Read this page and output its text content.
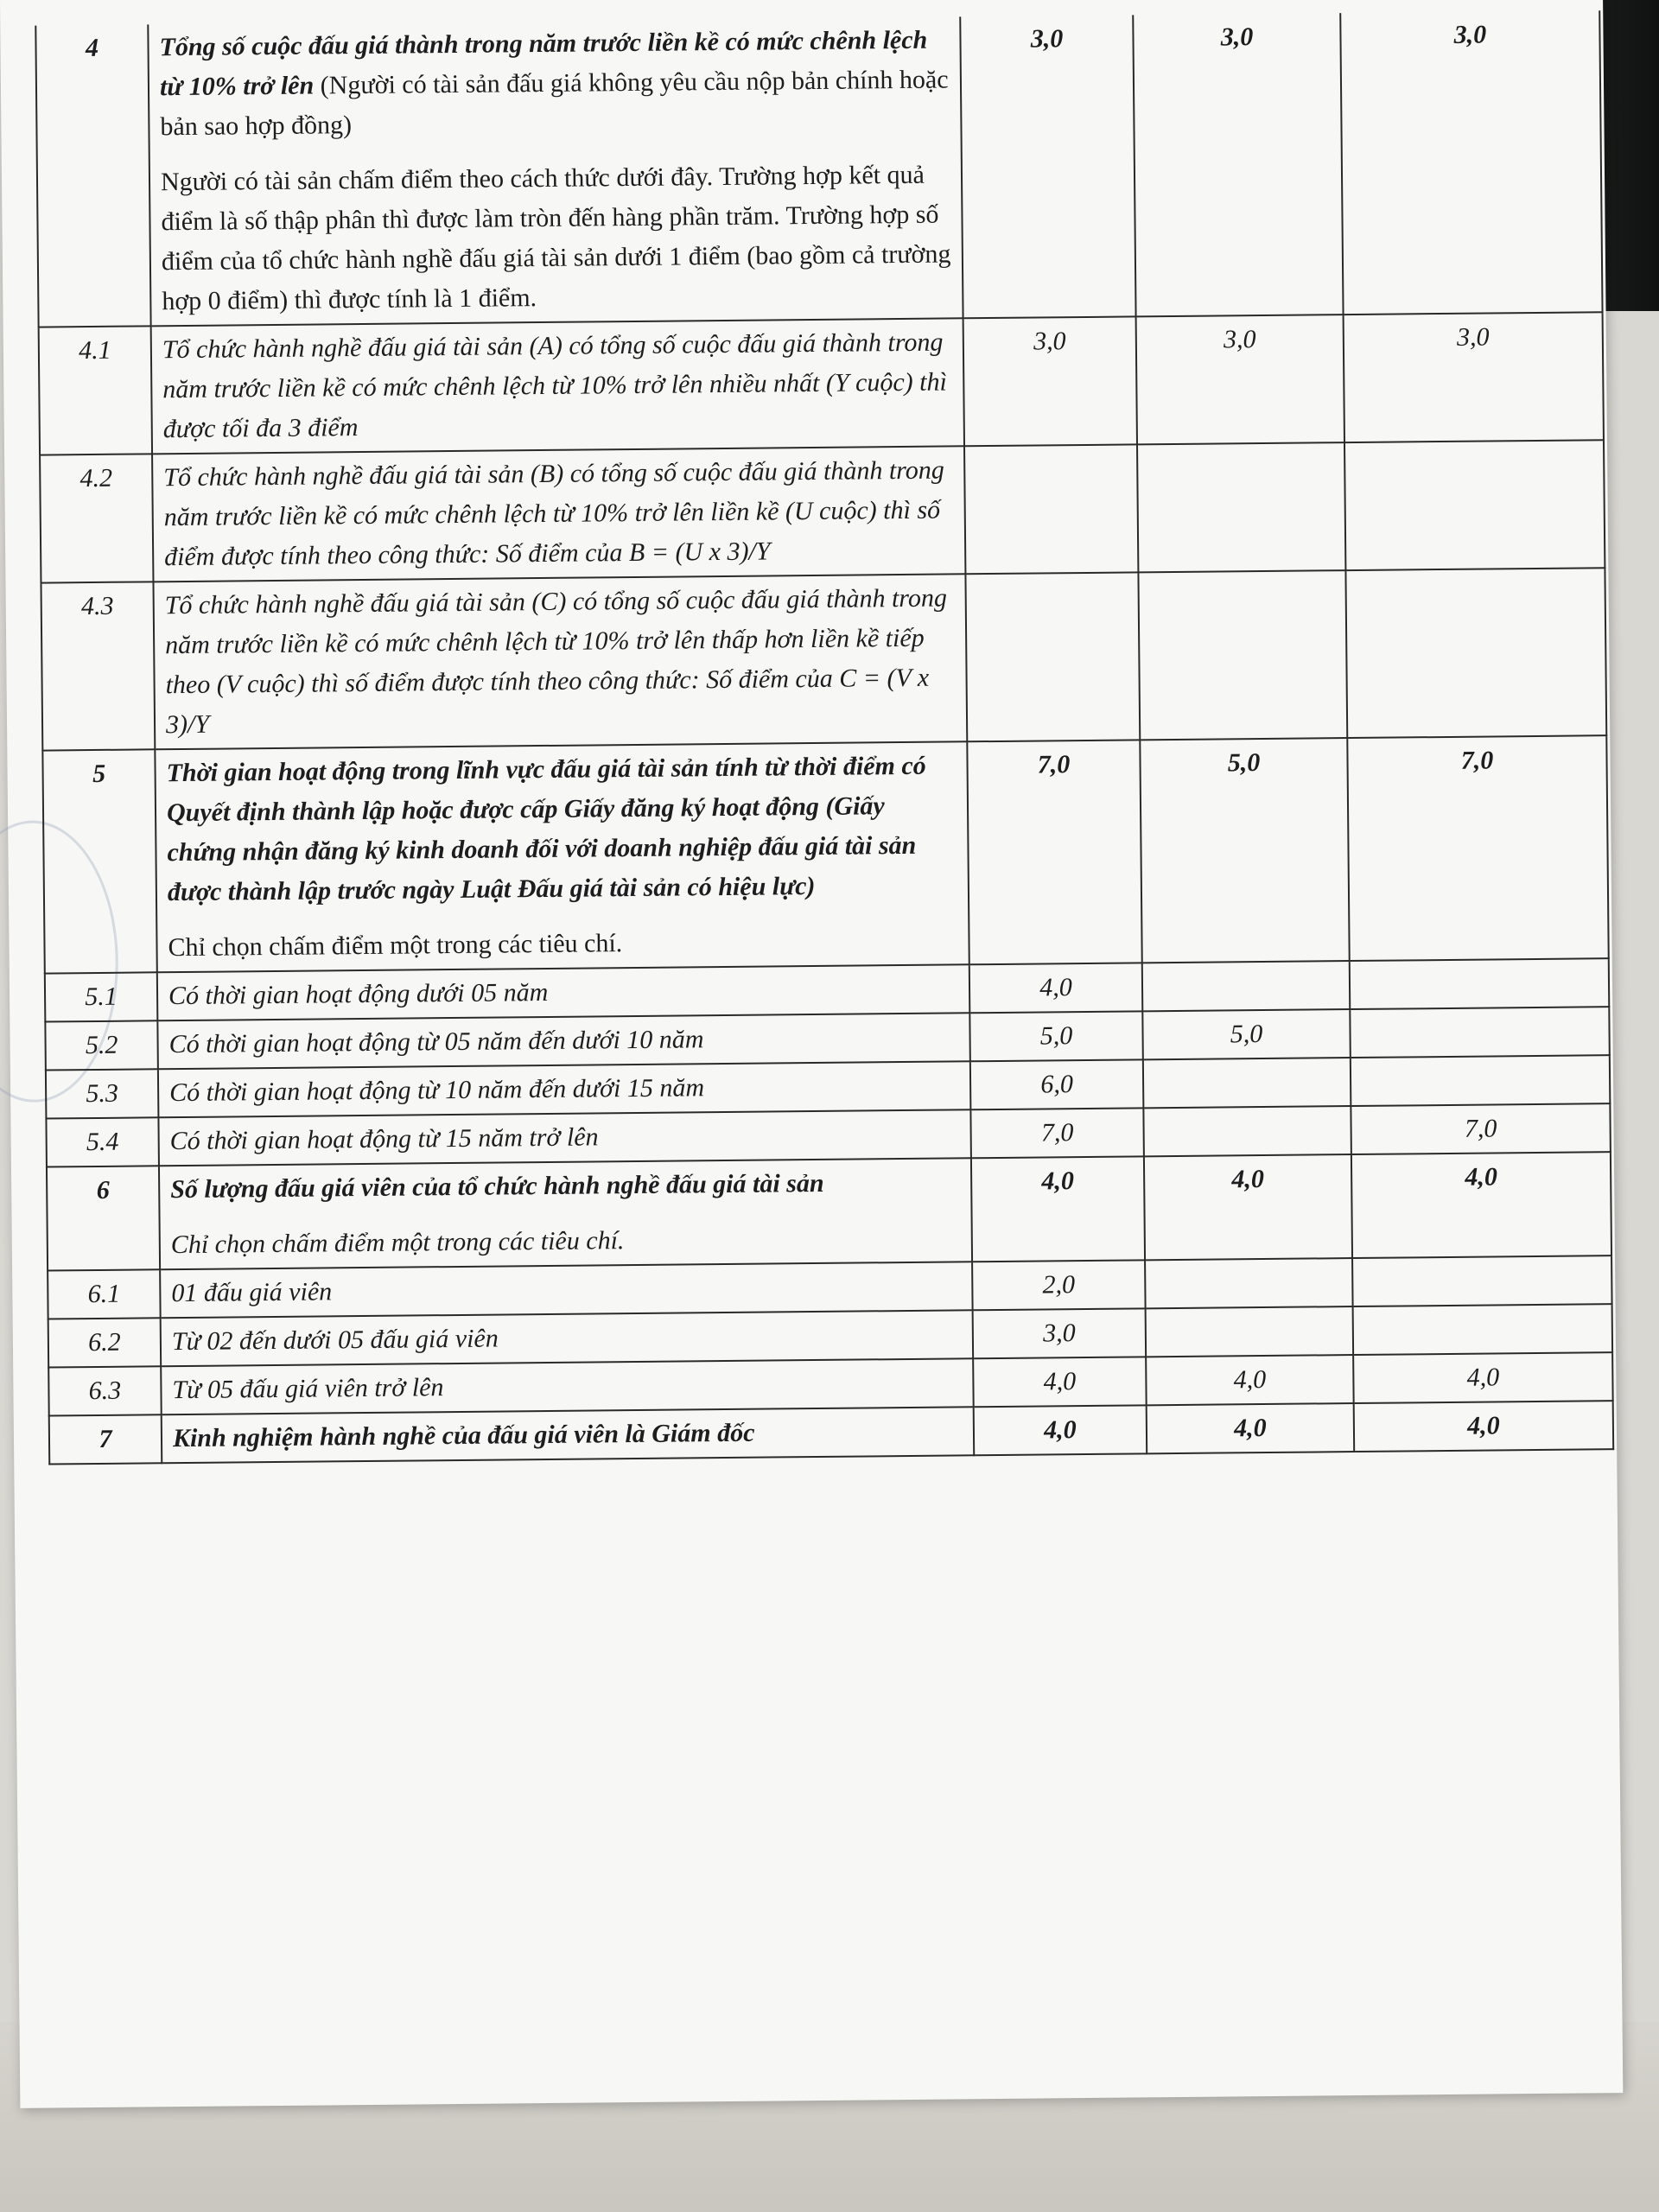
4	Tổng số cuộc đấu giá thành trong năm trước liền kề có mức chênh lệch từ 10% trở lên (Người có tài sản đấu giá không yêu cầu nộp bản chính hoặc bản sao hợp đồng)

Người có tài sản chấm điểm theo cách thức dưới đây. Trường hợp kết quả điểm là số thập phân thì được làm tròn đến hàng phần trăm. Trường hợp số điểm của tổ chức hành nghề đấu giá tài sản dưới 1 điểm (bao gồm cả trường hợp 0 điểm) thì được tính là 1 điểm.	3,0	3,0	3,0
4.1	Tổ chức hành nghề đấu giá tài sản (A) có tổng số cuộc đấu giá thành trong năm trước liền kề có mức chênh lệch từ 10% trở lên nhiều nhất (Y cuộc) thì được tối đa 3 điểm	3,0	3,0	3,0
4.2	Tổ chức hành nghề đấu giá tài sản (B) có tổng số cuộc đấu giá thành trong năm trước liền kề có mức chênh lệch từ 10% trở lên liền kề (U cuộc) thì số điểm được tính theo công thức: Số điểm của B = (U x 3)/Y			
4.3	Tổ chức hành nghề đấu giá tài sản (C) có tổng số cuộc đấu giá thành trong năm trước liền kề có mức chênh lệch từ 10% trở lên thấp hơn liền kề tiếp theo (V cuộc) thì số điểm được tính theo công thức: Số điểm của C = (V x 3)/Y			
5	Thời gian hoạt động trong lĩnh vực đấu giá tài sản tính từ thời điểm có Quyết định thành lập hoặc được cấp Giấy đăng ký hoạt động (Giấy chứng nhận đăng ký kinh doanh đối với doanh nghiệp đấu giá tài sản được thành lập trước ngày Luật Đấu giá tài sản có hiệu lực)

Chỉ chọn chấm điểm một trong các tiêu chí.	7,0	5,0	7,0
5.1	Có thời gian hoạt động dưới 05 năm	4,0		
5.2	Có thời gian hoạt động từ 05 năm đến dưới 10 năm	5,0	5,0	
5.3	Có thời gian hoạt động từ 10 năm đến dưới 15 năm	6,0		
5.4	Có thời gian hoạt động từ 15 năm trở lên	7,0		7,0
6	Số lượng đấu giá viên của tổ chức hành nghề đấu giá tài sản

Chỉ chọn chấm điểm một trong các tiêu chí.	4,0	4,0	4,0
6.1	01 đấu giá viên	2,0		
6.2	Từ 02 đến dưới 05 đấu giá viên	3,0		
6.3	Từ 05 đấu giá viên trở lên	4,0	4,0	4,0
7	Kinh nghiệm hành nghề của đấu giá viên là Giám đốc	4,0	4,0	4,0
